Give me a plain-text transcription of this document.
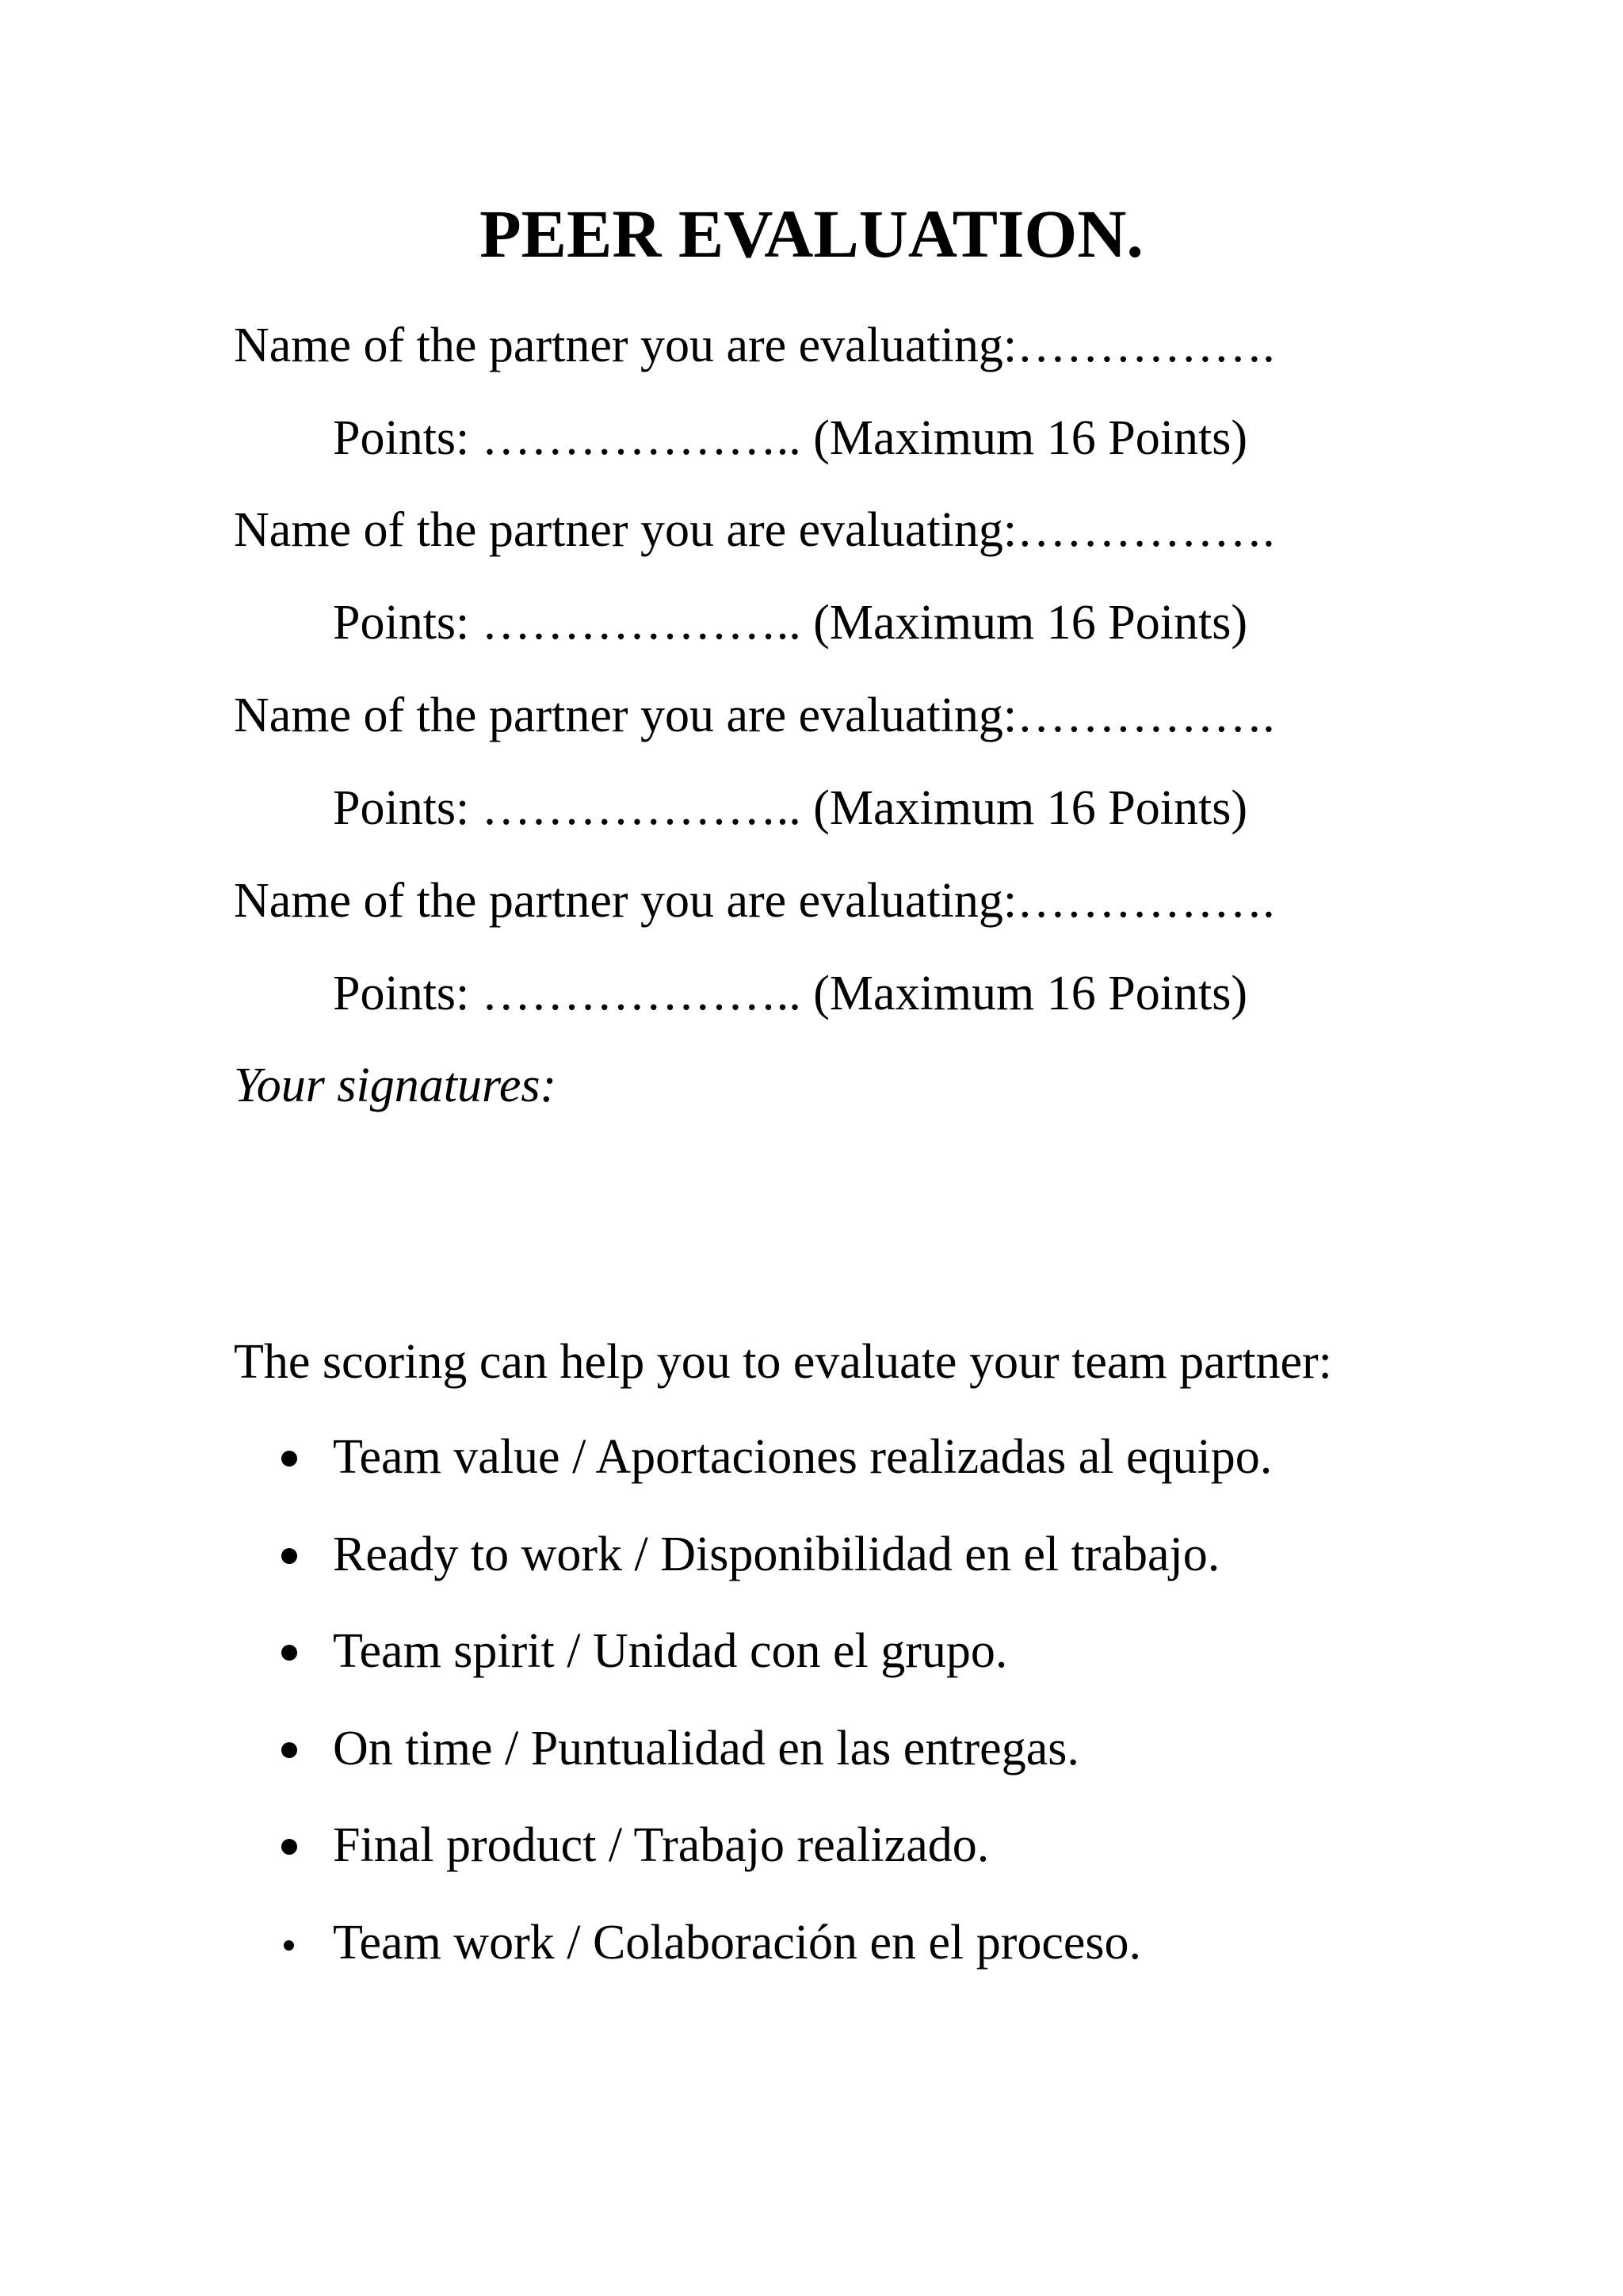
PEER EVALUATION.
Name of the partner you are evaluating:…………….
Points: ……………….. (Maximum 16 Points)
Name of the partner you are evaluating:…………….
Points: ……………….. (Maximum 16 Points)
Name of the partner you are evaluating:…………….
Points: ……………….. (Maximum 16 Points)
Name of the partner you are evaluating:…………….
Points: ……………….. (Maximum 16 Points)
Your signatures:
The scoring can help you to evaluate your team partner:
Team value / Aportaciones realizadas al equipo.
Ready to work / Disponibilidad en el trabajo.
Team spirit / Unidad con el grupo.
On time / Puntualidad en las entregas.
Final product / Trabajo realizado.
Team work / Colaboración en el proceso.
